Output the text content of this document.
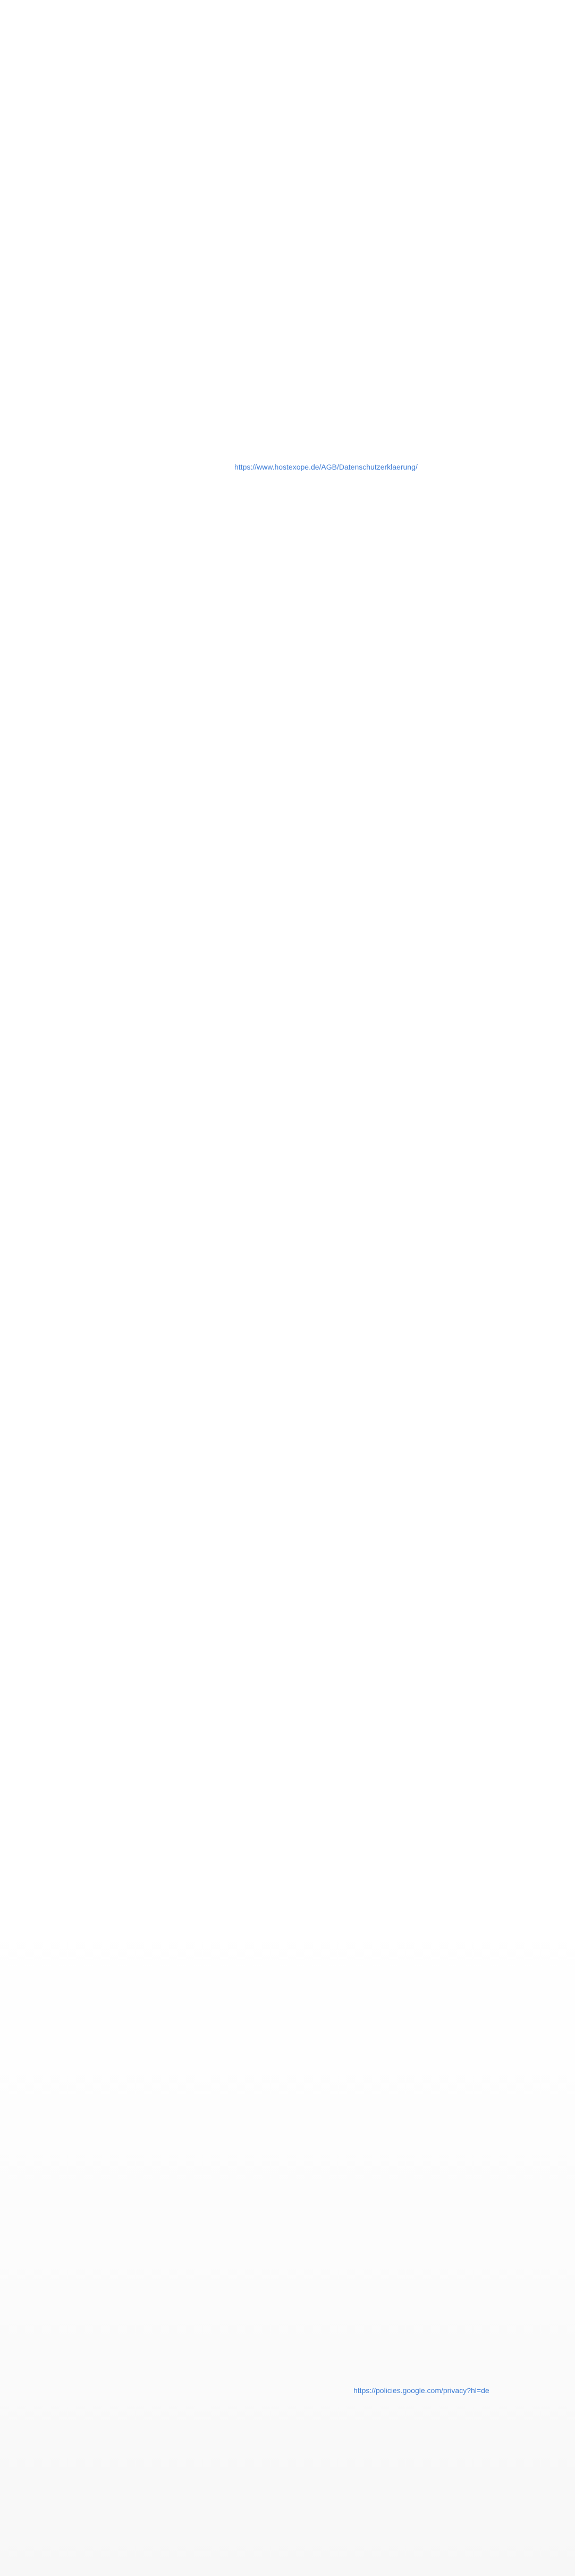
https://www.hostexope.de/AGB/Datenschutzerklaerung/
https://policies.google.com/privacy?hl=de
